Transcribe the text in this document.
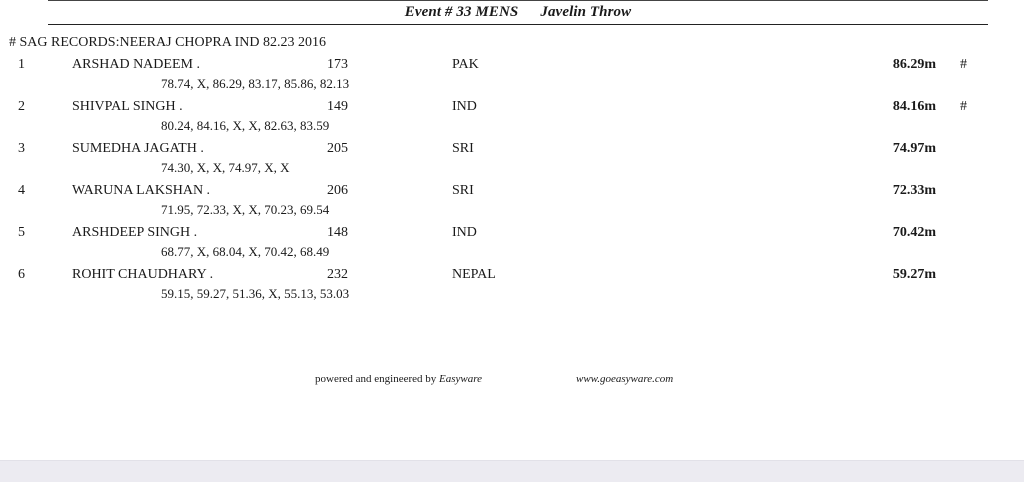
Event # 33 MENS Javelin Throw
# SAG RECORDS:NEERAJ CHOPRA IND 82.23 2016
1	ARSHAD NADEEM .	173	PAK	86.29m #
78.74, X, 86.29, 83.17, 85.86, 82.13
2	SHIVPAL SINGH .	149	IND	84.16m #
80.24, 84.16, X, X, 82.63, 83.59
3	SUMEDHA JAGATH .	205	SRI	74.97m
74.30, X, X, 74.97, X, X
4	WARUNA LAKSHAN .	206	SRI	72.33m
71.95, 72.33, X, X, 70.23, 69.54
5	ARSHDEEP SINGH .	148	IND	70.42m
68.77, X, 68.04, X, 70.42, 68.49
6	ROHIT CHAUDHARY .	232	NEPAL	59.27m
59.15, 59.27, 51.36, X, 55.13, 53.03
powered and engineered by Easyware	www.goeasyware.com
